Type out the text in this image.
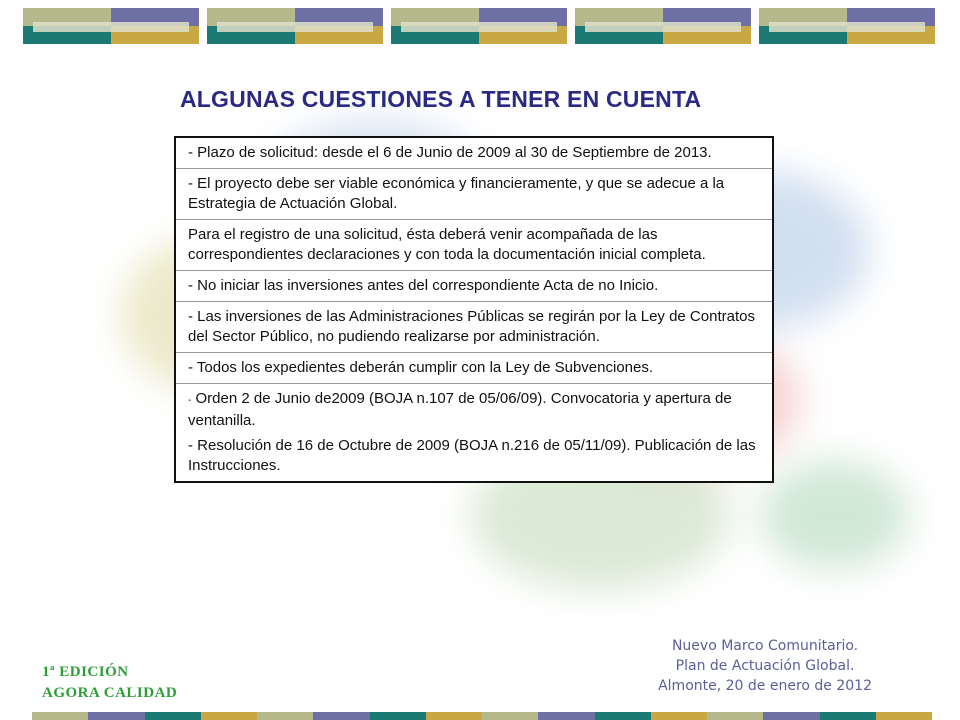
ALGUNAS CUESTIONES A TENER EN CUENTA

- Plazo de solicitud: desde el 6 de Junio de 2009 al 30 de Septiembre de 2013.

- El proyecto debe ser viable económica y financieramente, y que se adecue a la Estrategia de Actuación Global.

Para el registro de una solicitud, ésta deberá venir acompañada de las correspondientes declaraciones y con toda la documentación inicial completa.

- No iniciar las inversiones antes del correspondiente Acta de no Inicio.

- Las inversiones de las Administraciones Públicas se regirán por la Ley de Contratos del Sector Público, no pudiendo realizarse por administración.

- Todos los expedientes deberán cumplir con la Ley de Subvenciones.

- Orden 2 de Junio de2009 (BOJA n.107 de 05/06/09). Convocatoria y apertura de ventanilla.

- Resolución de 16 de Octubre de 2009 (BOJA n.216 de 05/11/09). Publicación de las Instrucciones.

1ª EDICIÓN
AGORA CALIDAD
Nuevo Marco Comunitario.
Plan de Actuación Global.
Almonte, 20 de enero de 2012
